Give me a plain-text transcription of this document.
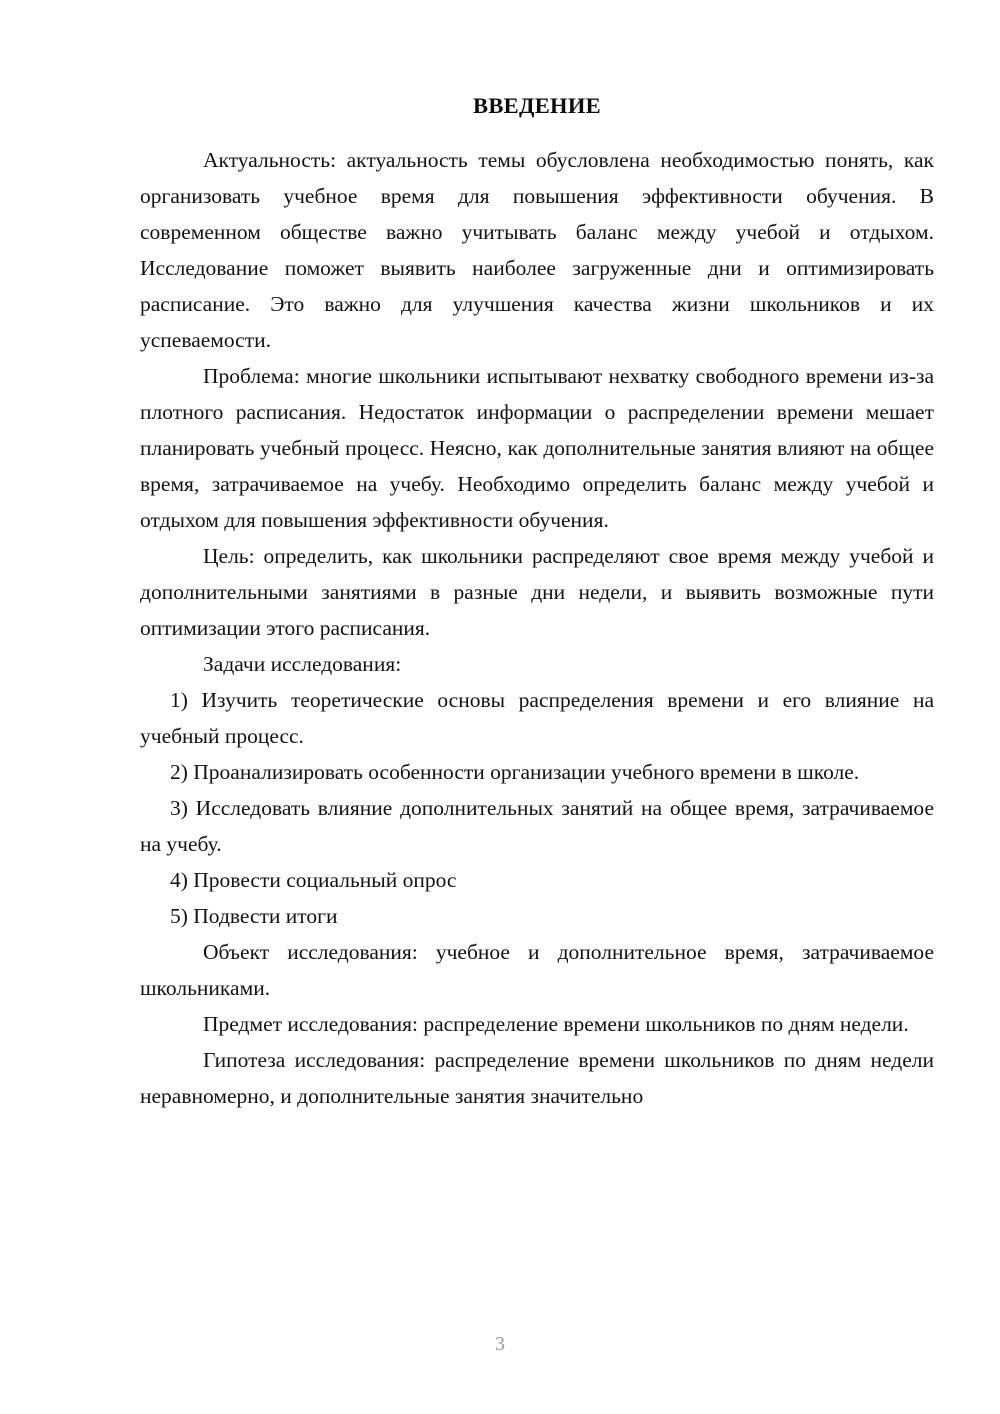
ВВЕДЕНИЕ

Актуальность: актуальность темы обусловлена необходимостью понять, как организовать учебное время для повышения эффективности обучения. В современном обществе важно учитывать баланс между учебой и отдыхом. Исследование поможет выявить наиболее загруженные дни и оптимизировать расписание. Это важно для улучшения качества жизни школьников и их успеваемости.

Проблема: многие школьники испытывают нехватку свободного времени из-за плотного расписания. Недостаток информации о распределении времени мешает планировать учебный процесс. Неясно, как дополнительные занятия влияют на общее время, затрачиваемое на учебу. Необходимо определить баланс между учебой и отдыхом для повышения эффективности обучения.

Цель: определить, как школьники распределяют свое время между учебой и дополнительными занятиями в разные дни недели, и выявить возможные пути оптимизации этого расписания.

Задачи исследования:

1) Изучить теоретические основы распределения времени и его влияние на учебный процесс.

2) Проанализировать особенности организации учебного времени в школе.

3) Исследовать влияние дополнительных занятий на общее время, затрачиваемое на учебу.

4) Провести социальный опрос

5) Подвести итоги

Объект исследования: учебное и дополнительное время, затрачиваемое школьниками.

Предмет исследования: распределение времени школьников по дням недели.

Гипотеза исследования: распределение времени школьников по дням недели неравномерно, и дополнительные занятия значительно

3
